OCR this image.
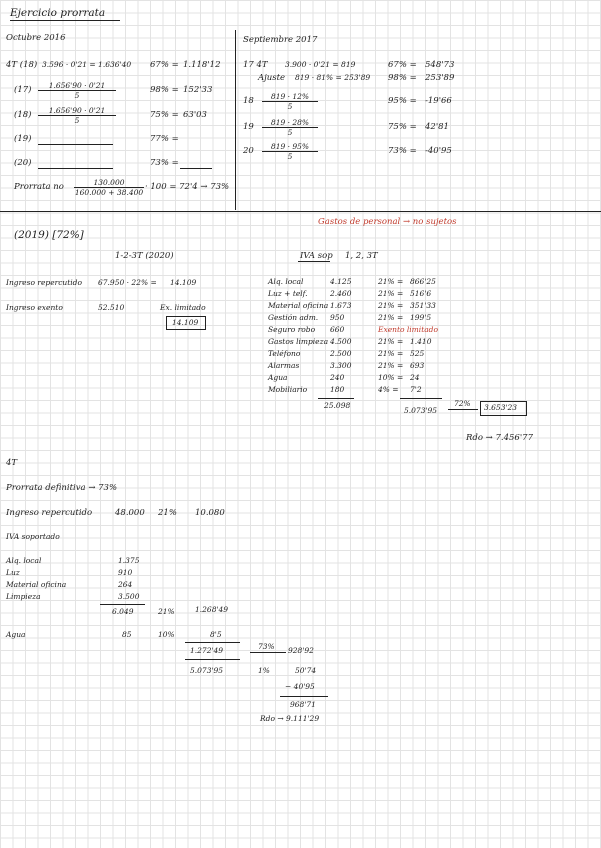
Ejercicio prorrata
Octubre 2016
4T (18) 3.596 · 0'21 = 1.636'40 67% = 1.118'12
$(17) \frac{1.656'90 \cdot 0'21}{5}$	98% = 152'33
$(18) \frac{1.656'90 \cdot 0'21}{5}$	75% = 63'03
(19)	77% =
(20)	73% =
Prorrata no $\frac{130.000}{160.000 + 38.400} \cdot 100 = 72'4 \to 73\%$
Septiembre 2017
17 4T 3.900 · 0'21 = 819	67% = 548'73
Ajuste 819 · 81% = 253'89 98% = 253'89
$18 \frac{819 \cdot 12\%}{5}$	95% = -19'66
$19 \frac{819 \cdot 28\%}{5}$	75% = 42'81
$20 \frac{819 \cdot 95\%}{5}$	73% = -40'95
Gastos de personal → no sujetos
(2019) [72%]
1-2-3T (2020)	IVA sop 1, 2, 3T
Ingreso repercutido 67.950 · 22% = 14.109
Ingreso exento	52.510	Ex. limitado
14.109
Alq. local	4.125	21% = 866'25
Luz + telf.	2.460	21% = 516'6
Material oficina 1.673	21% = 351'33
Gestión adm. 950	21% = 199'5
Seguro robo 660	Exento limitado
Gastos limpieza 4.500	21% = 1.410
Teléfono	2.500	21% = 525
Alarmas	3.300	21% = 693
Agua	240	10% = 24
Mobiliario	180	4% = 7'2
25.098
5.073'95
72% 3.653'23
Rdo → 7.456'77
4T
Prorrata definitiva → 73%
Ingreso repercutido	48.000 21% 10.080
IVA soportado
Alq. local	1.375
Luz	910
Material oficina	264
Limpieza	3.500
6.049	21%	1.268'49
Agua	85	10%	8'5
1.272'49	73% 928'92
5.073'95	1%	50'74
− 40'95
968'71
Rdo → 9.111'29
